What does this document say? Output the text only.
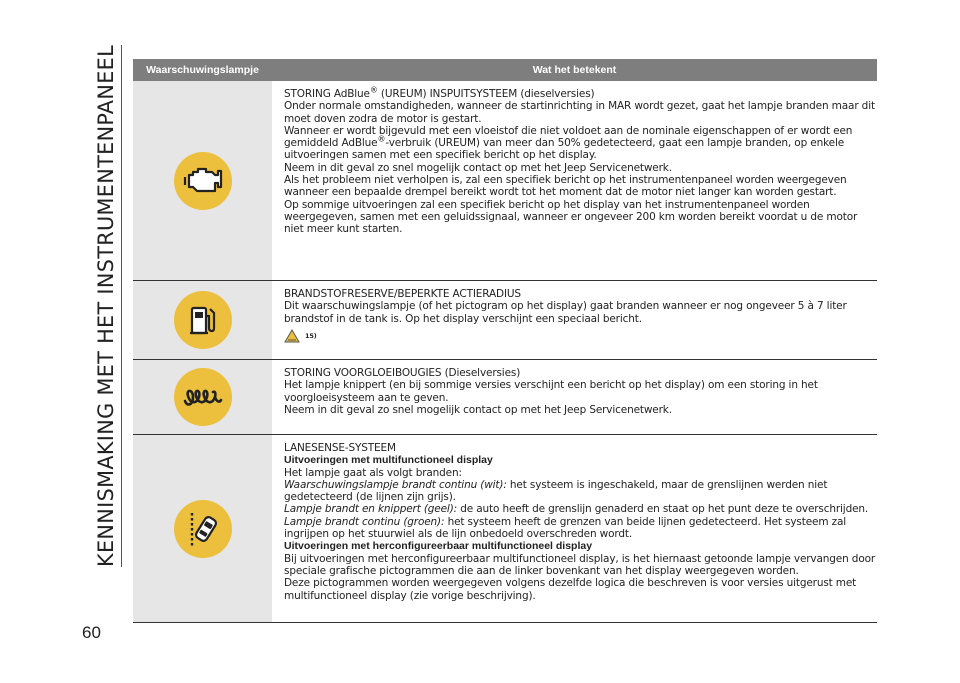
KENNISMAKING MET HET INSTRUMENTENPANEEL
60
Waarschuwingslampje	Wat het betekent
STORING AdBlue® (UREUM) INSPUITSYSTEEM (dieselversies)
Onder normale omstandigheden, wanneer de startinrichting in MAR wordt gezet, gaat het lampje branden maar dit moet doven zodra de motor is gestart.
Wanneer er wordt bijgevuld met een vloeistof die niet voldoet aan de nominale eigenschappen of er wordt een gemiddeld AdBlue®-verbruik (UREUM) van meer dan 50% gedetecteerd, gaat een lampje branden, op enkele uitvoeringen samen met een specifiek bericht op het display.
Neem in dit geval zo snel mogelijk contact op met het Jeep Servicenetwerk.
Als het probleem niet verholpen is, zal een specifiek bericht op het instrumentenpaneel worden weergegeven wanneer een bepaalde drempel bereikt wordt tot het moment dat de motor niet langer kan worden gestart.
Op sommige uitvoeringen zal een specifiek bericht op het display van het instrumentenpaneel worden weergegeven, samen met een geluidssignaal, wanneer er ongeveer 200 km worden bereikt voordat u de motor niet meer kunt starten.
BRANDSTOFRESERVE/BEPERKTE ACTIERADIUS
Dit waarschuwingslampje (of het pictogram op het display) gaat branden wanneer er nog ongeveer 5 à 7 liter brandstof in de tank is. Op het display verschijnt een speciaal bericht.
15)
STORING VOORGLOEIBOUGIES (Dieselversies)
Het lampje knippert (en bij sommige versies verschijnt een bericht op het display) om een storing in het voorgloeisysteem aan te geven.
Neem in dit geval zo snel mogelijk contact op met het Jeep Servicenetwerk.
LANESENSE-SYSTEEM
Uitvoeringen met multifunctioneel display
Het lampje gaat als volgt branden:
Waarschuwingslampje brandt continu (wit): het systeem is ingeschakeld, maar de grenslijnen werden niet gedetecteerd (de lijnen zijn grijs).
Lampje brandt en knippert (geel): de auto heeft de grenslijn genaderd en staat op het punt deze te overschrijden.
Lampje brandt continu (groen): het systeem heeft de grenzen van beide lijnen gedetecteerd. Het systeem zal ingrijpen op het stuurwiel als de lijn onbedoeld overschreden wordt.
Uitvoeringen met herconfigureerbaar multifunctioneel display
Bij uitvoeringen met herconfigureerbaar multifunctioneel display, is het hiernaast getoonde lampje vervangen door speciale grafische pictogrammen die aan de linker bovenkant van het display weergegeven worden.
Deze pictogrammen worden weergegeven volgens dezelfde logica die beschreven is voor versies uitgerust met multifunctioneel display (zie vorige beschrijving).
